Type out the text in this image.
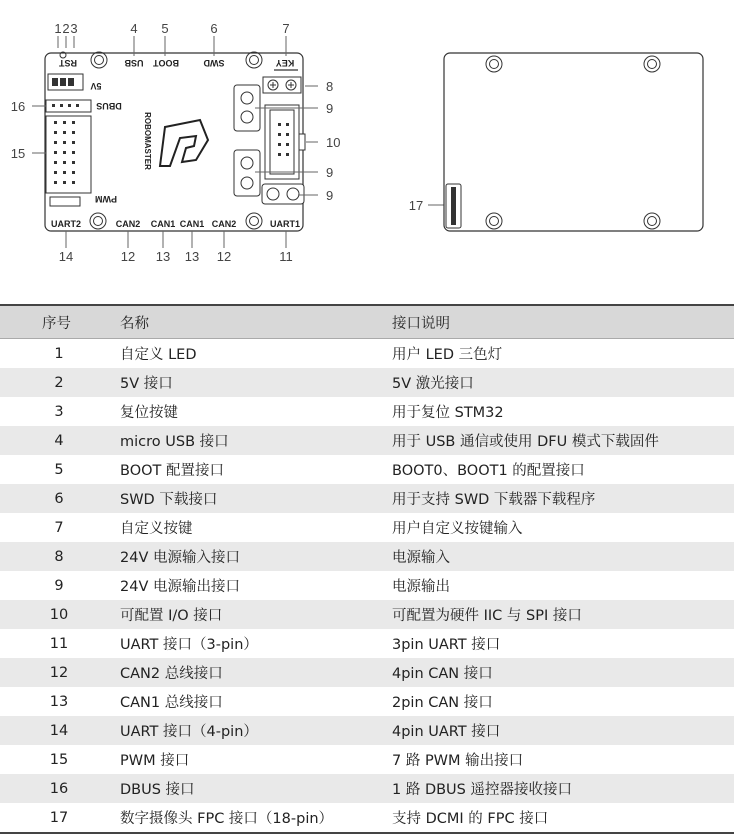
RST
5V
USB BOOT	SWD	KEY
DBUS
PWM
ROBOMASTER
UART2	CAN2 CAN1 CAN1 CAN2	UART1
1 2 3	4 5	6	7
8
9
10
9
9
15
16
14	12 13 13 12	11
17
序号	名称	接口说明
1	自定义 LED	用户 LED 三色灯
2	5V 接口	5V 激光接口
3	复位按键	用于复位 STM32
4	micro USB 接口	用于 USB 通信或使用 DFU 模式下载固件
5	BOOT 配置接口	BOOT0、BOOT1 的配置接口
6	SWD 下载接口	用于支持 SWD 下载器下载程序
7	自定义按键	用户自定义按键输入
8	24V 电源输入接口	电源输入
9	24V 电源输出接口	电源输出
10	可配置 I/O 接口	可配置为硬件 IIC 与 SPI 接口
11	UART 接口（3-pin）	3pin UART 接口
12	CAN2 总线接口	4pin CAN 接口
13	CAN1 总线接口	2pin CAN 接口
14	UART 接口（4-pin）	4pin UART 接口
15	PWM 接口	7 路 PWM 输出接口
16	DBUS 接口	1 路 DBUS 遥控器接收接口
17	数字摄像头 FPC 接口（18-pin）	支持 DCMI 的 FPC 接口
